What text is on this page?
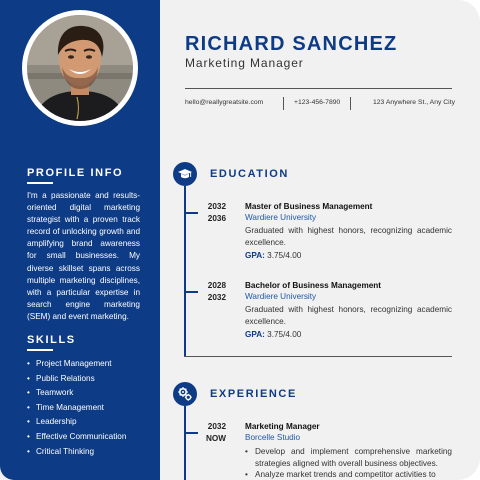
PROFILE INFO
I'm a passionate and results-oriented digital marketing strategist with a proven track record of unlocking growth and amplifying brand awareness for small businesses. My diverse skillset spans across multiple marketing disciplines, with a particular expertise in search engine marketing (SEM) and event marketing.
SKILLS
• Project Management
• Public Relations
• Teamwork
• Time Management
• Leadership
• Effective Communication
• Critical Thinking
RICHARD SANCHEZ
Marketing Manager
hello@reallygreatsite.com	+123-456-7890	123 Anywhere St., Any City
EDUCATION
2032
2036
Master of Business Management
Wardiere University
Graduated with highest honors, recognizing academic excellence.
GPA: 3.75/4.00
2028
2032
Bachelor of Business Management
Wardiere University
Graduated with highest honors, recognizing academic excellence.
GPA: 3.75/4.00
EXPERIENCE
2032
NOW
Marketing Manager
Borcelle Studio
• Develop and implement comprehensive marketing strategies aligned with overall business objectives.
• Analyze market trends and competitor activities to
